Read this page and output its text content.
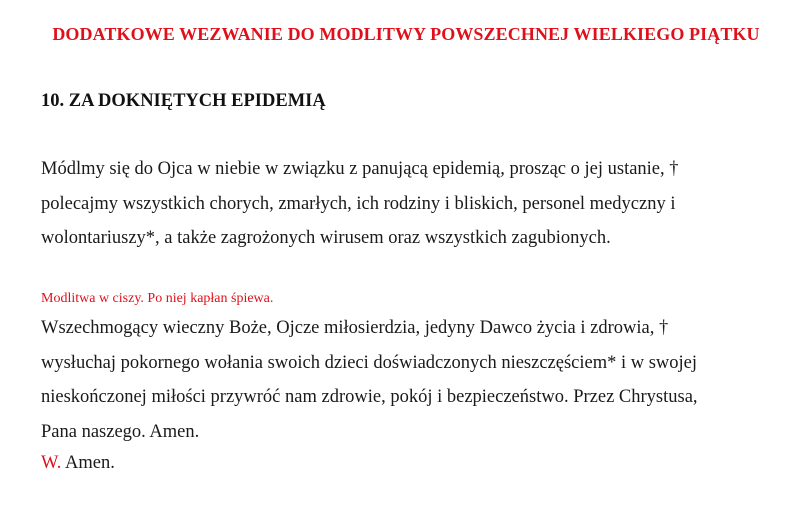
DODATKOWE WEZWANIE DO MODLITWY POWSZECHNEJ WIELKIEGO PIĄTKU
10. ZA DOKNIĘTYCH EPIDEMIĄ
Módlmy się do Ojca w niebie w związku z panującą epidemią, prosząc o jej ustanie, †
polecajmy wszystkich chorych, zmarłych, ich rodziny i bliskich, personel medyczny i
wolontariuszy*, a także zagrożonych wirusem oraz wszystkich zagubionych.
Modlitwa w ciszy. Po niej kapłan śpiewa.
Wszechmogący wieczny Boże, Ojcze miłosierdzia, jedyny Dawco życia i zdrowia, †
wysłuchaj pokornego wołania swoich dzieci doświadczonych nieszczęściem* i w swojej
nieskończonej miłości przywróć nam zdrowie, pokój i bezpieczeństwo. Przez Chrystusa,
Pana naszego. Amen.
W. Amen.
